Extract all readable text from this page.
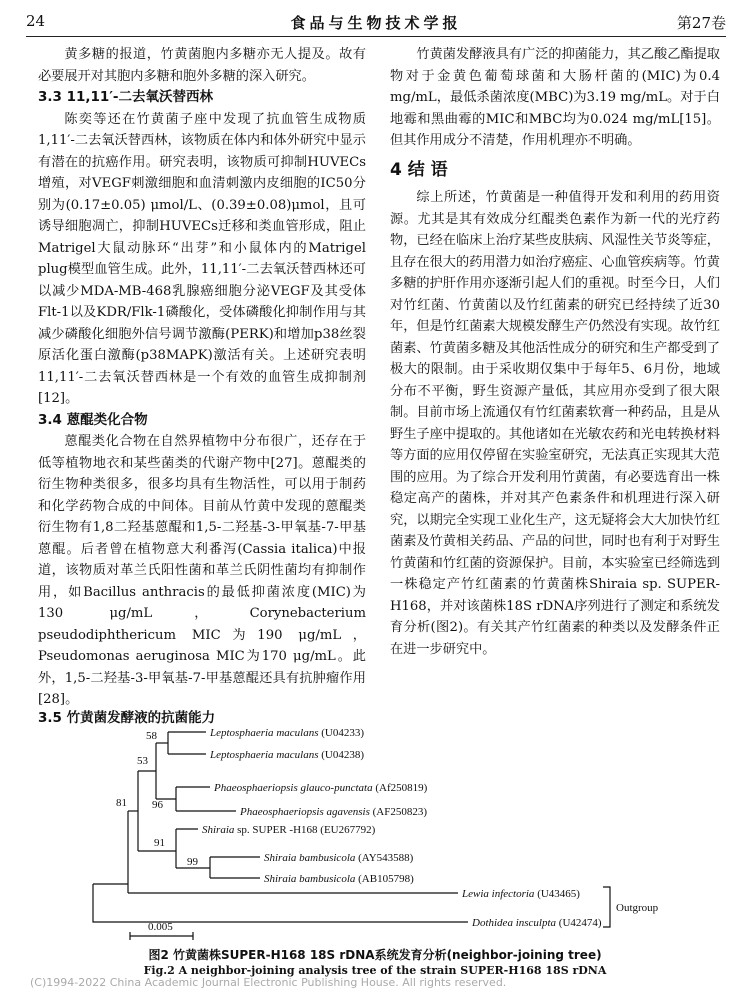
24	食品与生物技术学报	第27卷

黄多糖的报道，竹黄菌胞内多糖亦无人提及。故有必要展开对其胞内多糖和胞外多糖的深入研究。

3.3 11,11′-二去氧沃替西林

陈奕等还在竹黄菌子座中发现了抗血管生成物质1,11′-二去氧沃替西林，该物质在体内和体外研究中显示有潜在的抗癌作用。研究表明，该物质可抑制HUVECs增殖，对VEGF刺激细胞和血清刺激内皮细胞的IC50分别为(0.17±0.05) μmol/L、(0.39±0.08)μmol，且可诱导细胞凋亡，抑制HUVECs迁移和类血管形成，阻止Matrigel大鼠动脉环“出芽”和小鼠体内的Matrigel plug模型血管生成。此外，11,11′-二去氧沃替西林还可以减少MDA-MB-468乳腺癌细胞分泌VEGF及其受体Flt-1以及KDR/Flk-1磷酸化，受体磷酸化抑制作用与其减少磷酸化细胞外信号调节激酶(PERK)和增加p38丝裂原活化蛋白激酶(p38MAPK)激活有关。上述研究表明11,11′-二去氧沃替西林是一个有效的血管生成抑制剂[12]。

3.4 蒽醌类化合物

蒽醌类化合物在自然界植物中分布很广，还存在于低等植物地衣和某些菌类的代谢产物中[27]。蒽醌类的衍生物种类很多，很多均具有生物活性，可以用于制药和化学药物合成的中间体。目前从竹黄中发现的蒽醌类衍生物有1,8二羟基蒽醌和1,5-二羟基-3-甲氧基-7-甲基蒽醌。后者曾在植物意大利番泻(Cassia italica)中报道，该物质对革兰氏阳性菌和革兰氏阴性菌均有抑制作用，如Bacillus anthracis的最低抑菌浓度(MIC)为130 μg/mL，Corynebacterium pseudodiphthericum MIC为190 μg/mL，Pseudomonas aeruginosa MIC为170 μg/mL。此外，1,5-二羟基-3-甲氧基-7-甲基蒽醌还具有抗肿瘤作用[28]。

竹黄菌发酵液具有广泛的抑菌能力，其乙酸乙酯提取物对于金黄色葡萄球菌和大肠杆菌的(MIC)为0.4 mg/mL，最低杀菌浓度(MBC)为3.19 mg/mL。对于白地霉和黑曲霉的MIC和MBC均为0.024 mg/mL[15]。但其作用成分不清楚，作用机理亦不明确。

4 结 语

综上所述，竹黄菌是一种值得开发和利用的药用资源。尤其是其有效成分红醌类色素作为新一代的光疗药物，已经在临床上治疗某些皮肤病、风湿性关节炎等症，且存在很大的药用潜力如治疗癌症、心血管疾病等。竹黄多糖的护肝作用亦逐渐引起人们的重视。时至今日，人们对竹红菌、竹黄菌以及竹红菌素的研究已经持续了近30年，但是竹红菌素大规模发酵生产仍然没有实现。故竹红菌素、竹黄菌多糖及其他活性成分的研究和生产都受到了极大的限制。由于采收期仅集中于每年5、6月份，地域分布不平衡，野生资源产量低，其应用亦受到了很大限制。目前市场上流通仅有竹红菌素软膏一种药品，且是从野生子座中提取的。其他诸如在光敏农药和光电转换材料等方面的应用仅停留在实验室研究，无法真正实现其大范围的应用。为了综合开发利用竹黄菌，有必要选育出一株稳定高产的菌株，并对其产色素条件和机理进行深入研究，以期完全实现工业化生产，这无疑将会大大加快竹红菌素及竹黄相关药品、产品的问世，同时也有利于对野生竹黄菌和竹红菌的资源保护。目前，本实验室已经筛选到一株稳定产竹红菌素的竹黄菌株Shiraia sp. SUPER-H168，并对该菌株18S rDNA序列进行了测定和系统发育分析(图2)。有关其产竹红菌素的种类以及发酵条件正在进一步研究中。

3.5 竹黄菌发酵液的抗菌能力
58
53
96
81
91
99
Leptosphaeria maculans (U04233)
Leptosphaeria maculans (U04238)
Phaeosphaeriopsis glauco-punctata (Af250819)
Phaeosphaeriopsis agavensis (AF250823)
Shiraia sp. SUPER -H168 (EU267792)
Shiraia bambusicola (AY543588)
Shiraia bambusicola (AB105798)
Lewia infectoria (U43465)
Dothidea insculpta (U42474)
Outgroup
0.005
图2 竹黄菌株SUPER-H168 18S rDNA系统发育分析(neighbor-joining tree)
Fig.2 A neighbor-joining analysis tree of the strain SUPER-H168 18S rDNA
(C)1994-2022 China Academic Journal Electronic Publishing House. All rights reserved.
